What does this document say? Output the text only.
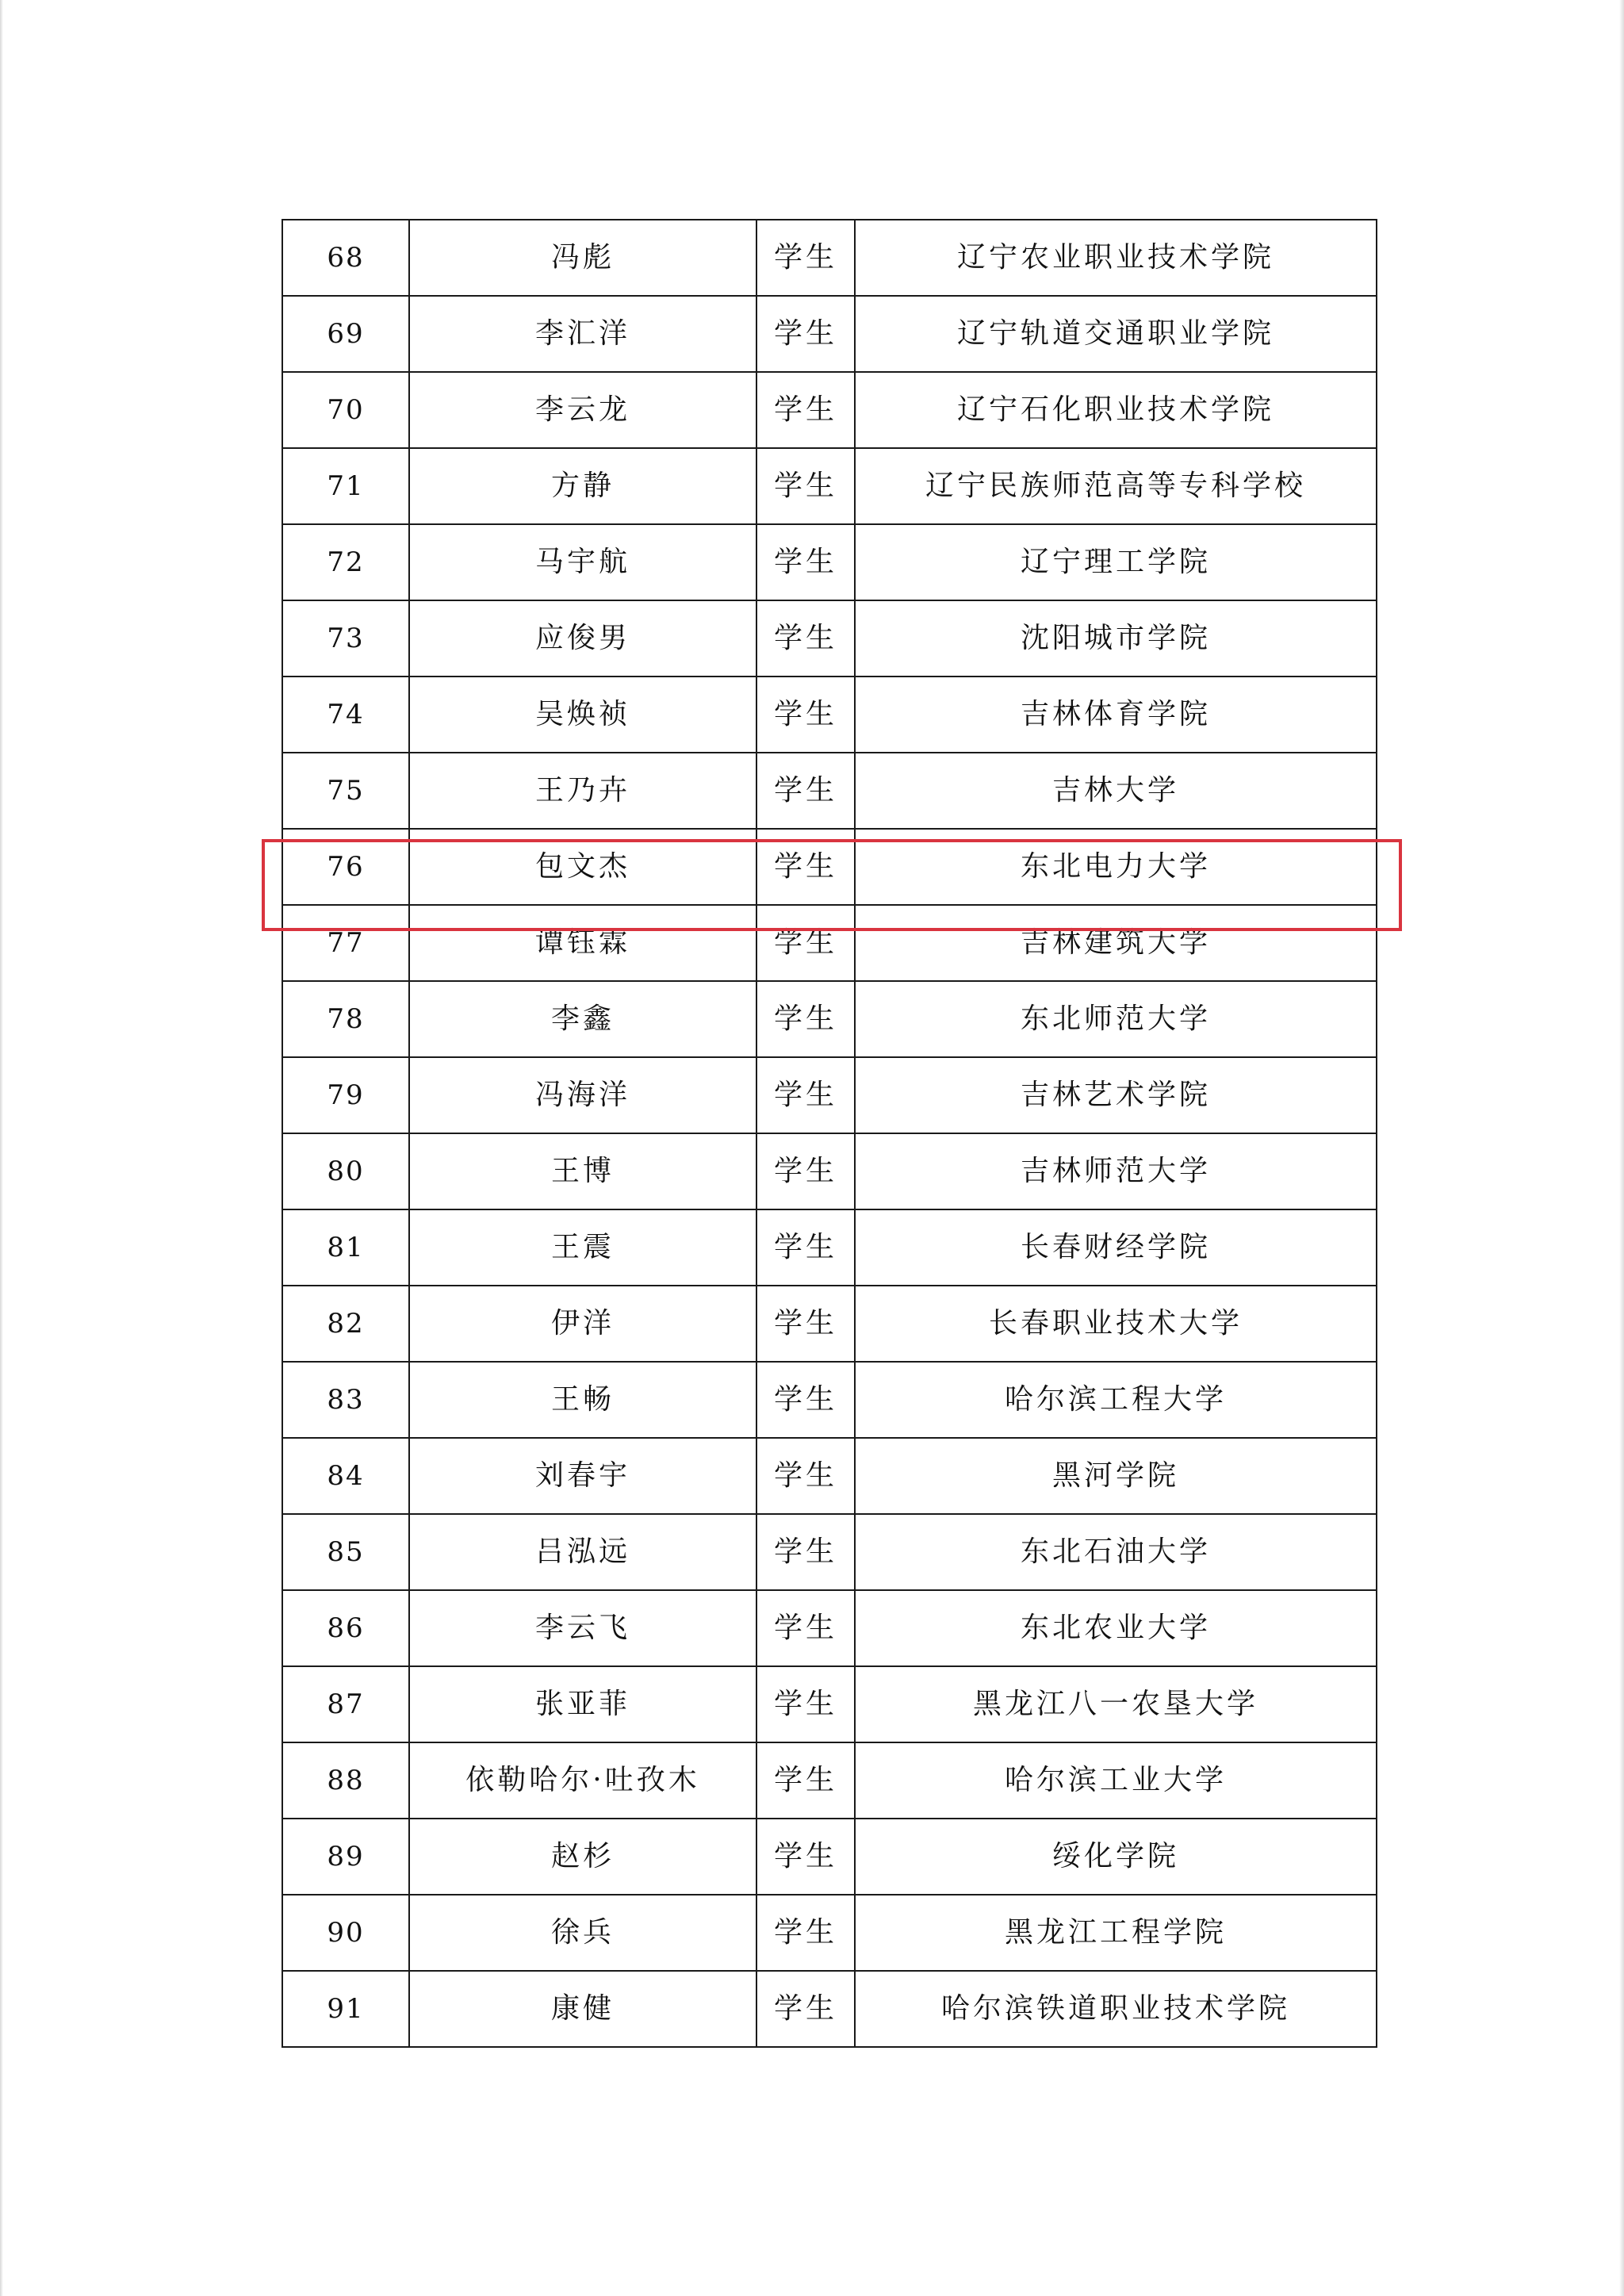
68	冯彪	学生	辽宁农业职业技术学院
69	李汇洋	学生	辽宁轨道交通职业学院
70	李云龙	学生	辽宁石化职业技术学院
71	方静	学生	辽宁民族师范高等专科学校
72	马宇航	学生	辽宁理工学院
73	应俊男	学生	沈阳城市学院
74	吴焕祯	学生	吉林体育学院
75	王乃卉	学生	吉林大学
76	包文杰	学生	东北电力大学
77	谭钰霖	学生	吉林建筑大学
78	李鑫	学生	东北师范大学
79	冯海洋	学生	吉林艺术学院
80	王博	学生	吉林师范大学
81	王震	学生	长春财经学院
82	伊洋	学生	长春职业技术大学
83	王畅	学生	哈尔滨工程大学
84	刘春宇	学生	黑河学院
85	吕泓远	学生	东北石油大学
86	李云飞	学生	东北农业大学
87	张亚菲	学生	黑龙江八一农垦大学
88	依勒哈尔·吐孜木	学生	哈尔滨工业大学
89	赵杉	学生	绥化学院
90	徐兵	学生	黑龙江工程学院
91	康健	学生	哈尔滨铁道职业技术学院
